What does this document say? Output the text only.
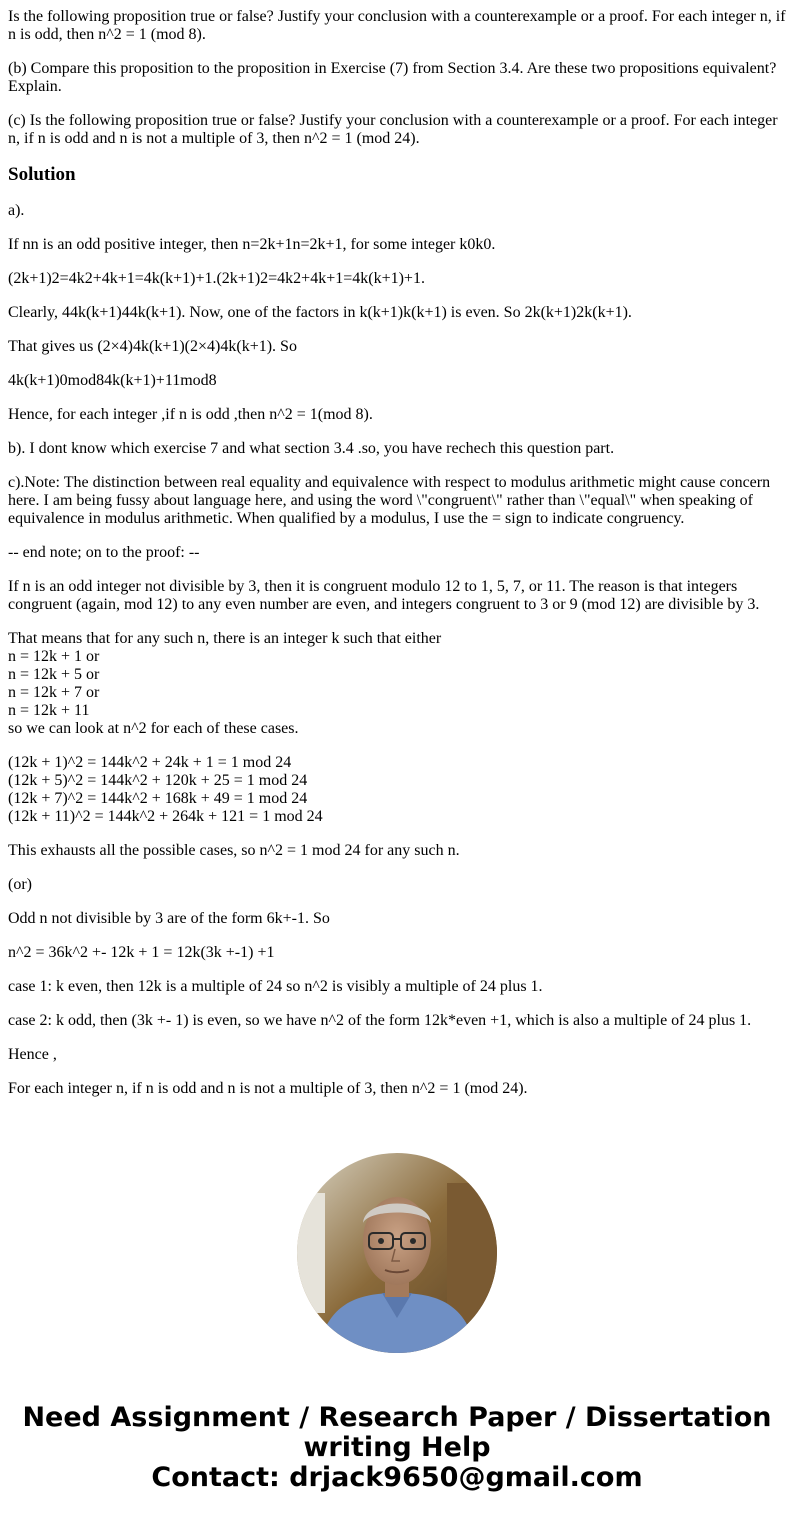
Is the following proposition true or false? Justify your conclusion with a counterexample or a proof. For each integer n, if n is odd, then n^2 = 1 (mod 8).

(b) Compare this proposition to the proposition in Exercise (7) from Section 3.4. Are these two propositions equivalent? Explain.

(c) Is the following proposition true or false? Justify your conclusion with a counterexample or a proof. For each integer n, if n is odd and n is not a multiple of 3, then n^2 = 1 (mod 24).

Solution

a).

If nn is an odd positive integer, then n=2k+1n=2k+1, for some integer k0k0.

(2k+1)2=4k2+4k+1=4k(k+1)+1.(2k+1)2=4k2+4k+1=4k(k+1)+1.

Clearly, 44k(k+1)44k(k+1). Now, one of the factors in k(k+1)k(k+1) is even. So 2k(k+1)2k(k+1).

That gives us (2×4)4k(k+1)(2×4)4k(k+1). So

4k(k+1)0mod84k(k+1)+11mod8

Hence, for each integer ,if n is odd ,then n^2 = 1(mod 8).

b). I dont know which exercise 7 and what section 3.4 .so, you have rechech this question part.

c).Note: The distinction between real equality and equivalence with respect to modulus arithmetic might cause concern here. I am being fussy about language here, and using the word \"congruent\" rather than \"equal\" when speaking of equivalence in modulus arithmetic. When qualified by a modulus, I use the = sign to indicate congruency.

-- end note; on to the proof: --

If n is an odd integer not divisible by 3, then it is congruent modulo 12 to 1, 5, 7, or 11. The reason is that integers congruent (again, mod 12) to any even number are even, and integers congruent to 3 or 9 (mod 12) are divisible by 3.

That means that for any such n, there is an integer k such that either
n = 12k + 1 or
n = 12k + 5 or
n = 12k + 7 or
n = 12k + 11
so we can look at n^2 for each of these cases.

(12k + 1)^2 = 144k^2 + 24k + 1 = 1 mod 24
(12k + 5)^2 = 144k^2 + 120k + 25 = 1 mod 24
(12k + 7)^2 = 144k^2 + 168k + 49 = 1 mod 24
(12k + 11)^2 = 144k^2 + 264k + 121 = 1 mod 24

This exhausts all the possible cases, so n^2 = 1 mod 24 for any such n.

(or)

Odd n not divisible by 3 are of the form 6k+-1. So

n^2 = 36k^2 +- 12k + 1 = 12k(3k +-1) +1

case 1: k even, then 12k is a multiple of 24 so n^2 is visibly a multiple of 24 plus 1.

case 2: k odd, then (3k +- 1) is even, so we have n^2 of the form 12k*even +1, which is also a multiple of 24 plus 1.

Hence ,

For each integer n, if n is odd and n is not a multiple of 3, then n^2 = 1 (mod 24).

Need Assignment / Research Paper / Dissertation
writing Help
Contact: drjack9650@gmail.com
